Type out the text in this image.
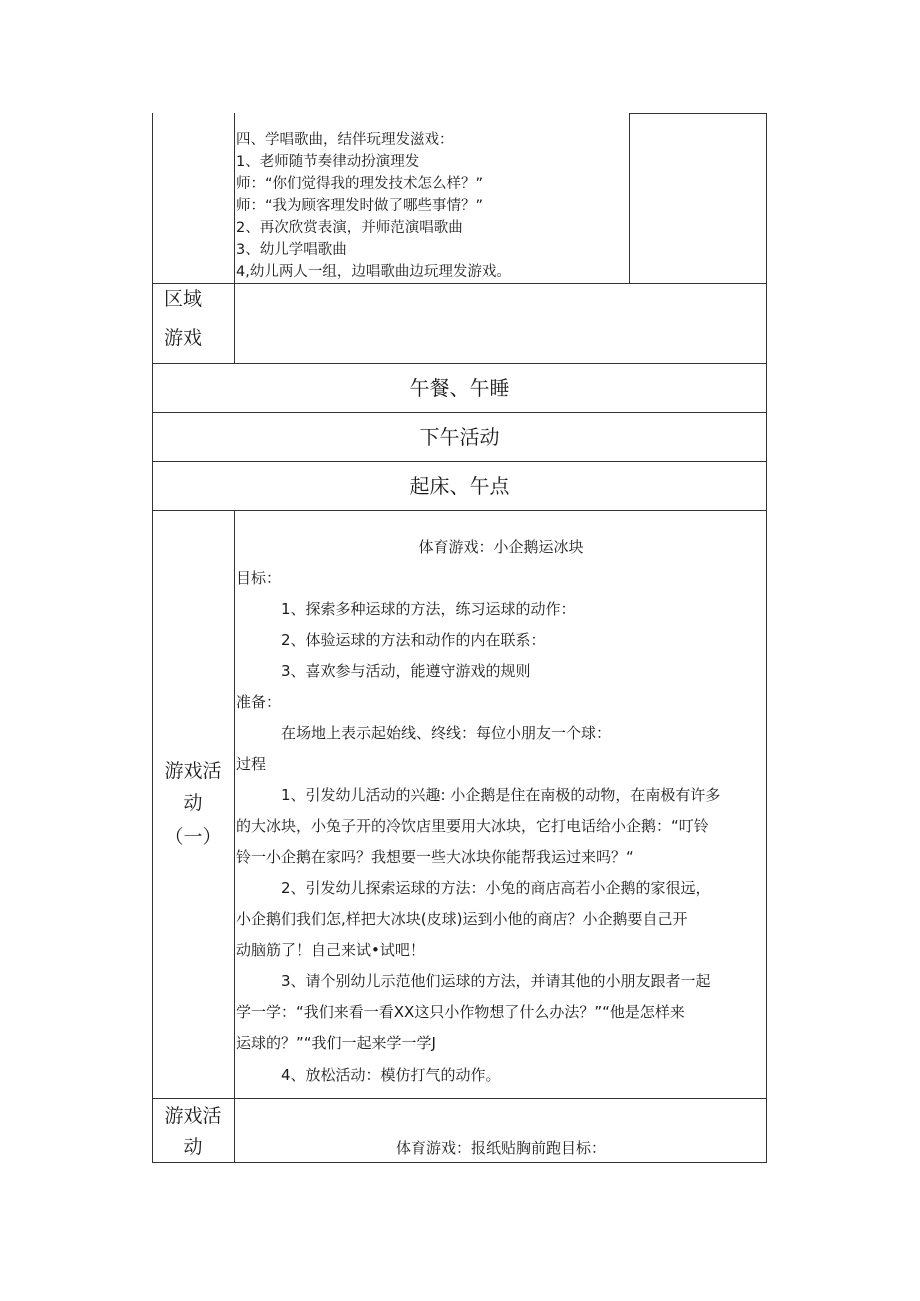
四、学唱歌曲，结伴玩理发滋戏：
1、老师随节奏律动扮演理发
师：“你们觉得我的理发技术怎么样？”
师：“我为顾客理发时做了哪些事情？”
2、再次欣赏表演，并师范演唱歌曲
3、幼儿学唱歌曲
4,幼儿两人一组，边唱歌曲边玩理发游戏。
区域
游戏
午餐、午睡
下午活动
起床、午点
游戏活
动
（一）
体育游戏：小企鹅运冰块
目标：
1、探索多种运球的方法，练习运球的动作：
2、体验运球的方法和动作的内在联系：
3、喜欢参与活动，能遵守游戏的规则
准备：
在场地上表示起始线、终线：每位小朋友一个球：
过程
1、引发幼儿活动的兴趣: 小企鹅是住在南极的动物，在南极有许多
的大冰块，小兔子开的冷饮店里要用大冰块，它打电话给小企鹅：“叮铃
铃一小企鹅在家吗？我想要一些大冰块你能帮我运过来吗？“
2、引发幼儿探索运球的方法：小兔的商店高若小企鹅的家很远，
小企鹅们我们怎,样把大冰块(皮球)运到小他的商店？小企鹅要自己开
动脑筋了！自己来试•试吧！
3、请个别幼儿示范他们运球的方法，并请其他的小朋友跟者一起
学一学：“我们来看一看XX这只小作物想了什么办法？”“他是怎样来
运球的？”“我们一起来学一学J
4、放松活动：模仿打气的动作。
游戏活
动	体育游戏：报纸贴胸前跑目标：
